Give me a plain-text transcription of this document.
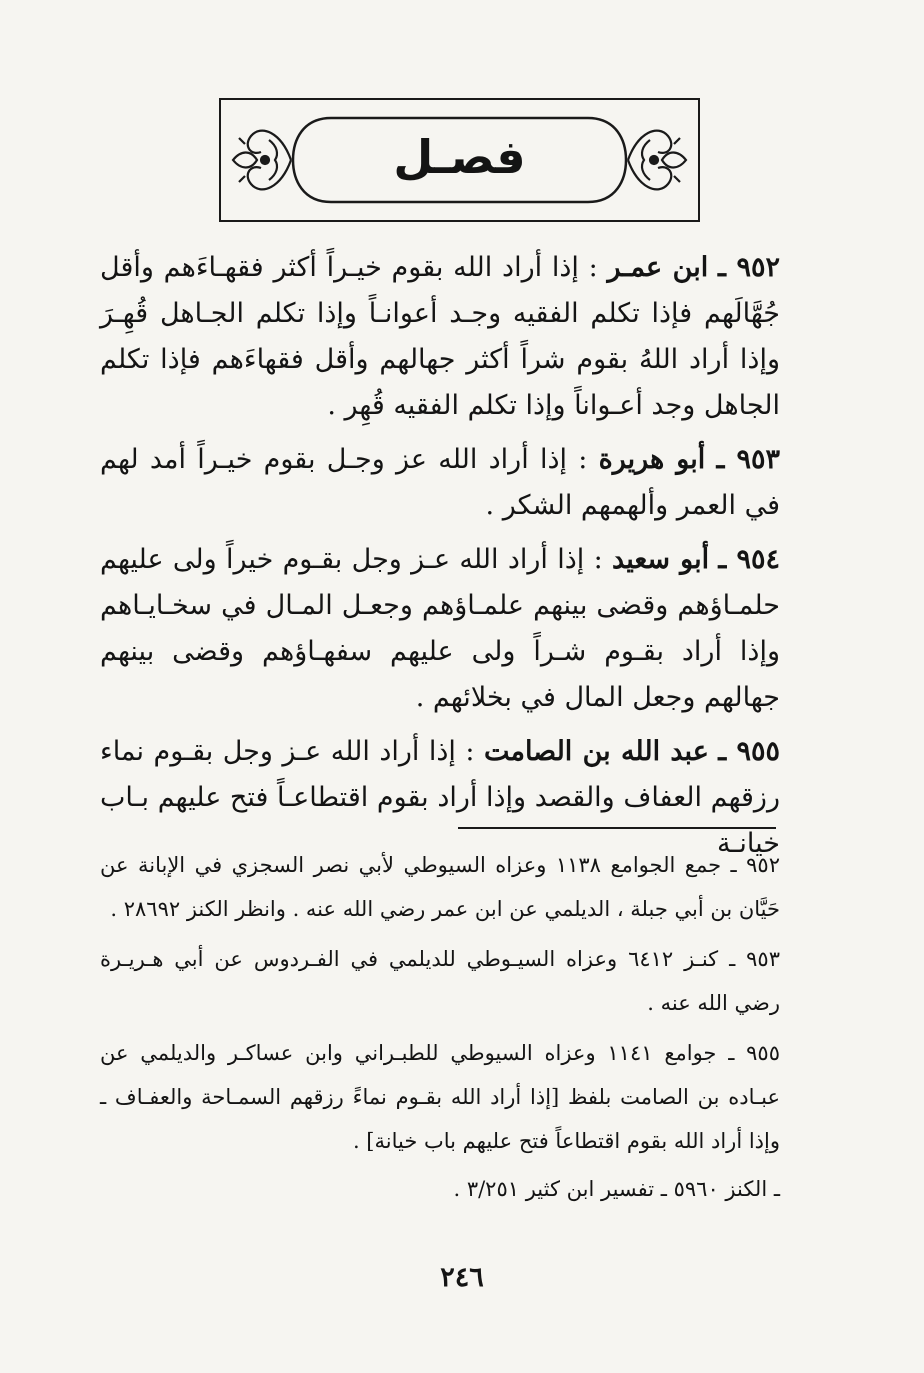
فصـل

٩٥٢ ـ ابن عمـر : إذا أراد الله بقوم خيـراً أكثر فقهـاءَهم وأقل جُهَّالَهم فإذا تكلم الفقيه وجـد أعوانـاً وإذا تكلم الجـاهل قُهِـرَ وإذا أراد اللهُ بقوم شراً أكثر جهالهم وأقل فقهاءَهم فإذا تكلم الجاهل وجد أعـواناً وإذا تكلم الفقيه قُهِر .

٩٥٣ ـ أبو هريرة : إذا أراد الله عز وجـل بقوم خيـراً أمد لهم في العمر وألهمهم الشكر .

٩٥٤ ـ أبو سعيد : إذا أراد الله عـز وجل بقـوم خيراً ولى عليهم حلمـاؤهم وقضى بينهم علمـاؤهم وجعـل المـال في سخـايـاهم وإذا أراد بقـوم شـراً ولى عليهم سفهـاؤهم وقضى بينهم جهالهم وجعل المال في بخلائهم .

٩٥٥ ـ عبد الله بن الصامت : إذا أراد الله عـز وجل بقـوم نماء رزقهم العفاف والقصد وإذا أراد بقوم اقتطاعـاً فتح عليهم بـاب خيانـة

٩٥٢ ـ جمع الجوامع ١١٣٨ وعزاه السيوطي لأبي نصر السجزي في الإبانة عن حَيَّان بن أبي جبلة ، الديلمي عن ابن عمر رضي الله عنه . وانظر الكنز ٢٨٦٩٢ .

٩٥٣ ـ كنـز ٦٤١٢ وعزاه السيـوطي للديلمي في الفـردوس عن أبي هـريـرة رضي الله عنه .

٩٥٥ ـ جوامع ١١٤١ وعزاه السيوطي للطبـراني وابن عساكـر والديلمي عن عبـاده بن الصامت بلفظ [إذا أراد الله بقـوم نماءً رزقهم السمـاحة والعفـاف ـ وإذا أراد الله بقوم اقتطاعاً فتح عليهم باب خيانة] .

ـ الكنز ٥٩٦٠ ـ تفسير ابن كثير ٣/٢٥١ .

٢٤٦
